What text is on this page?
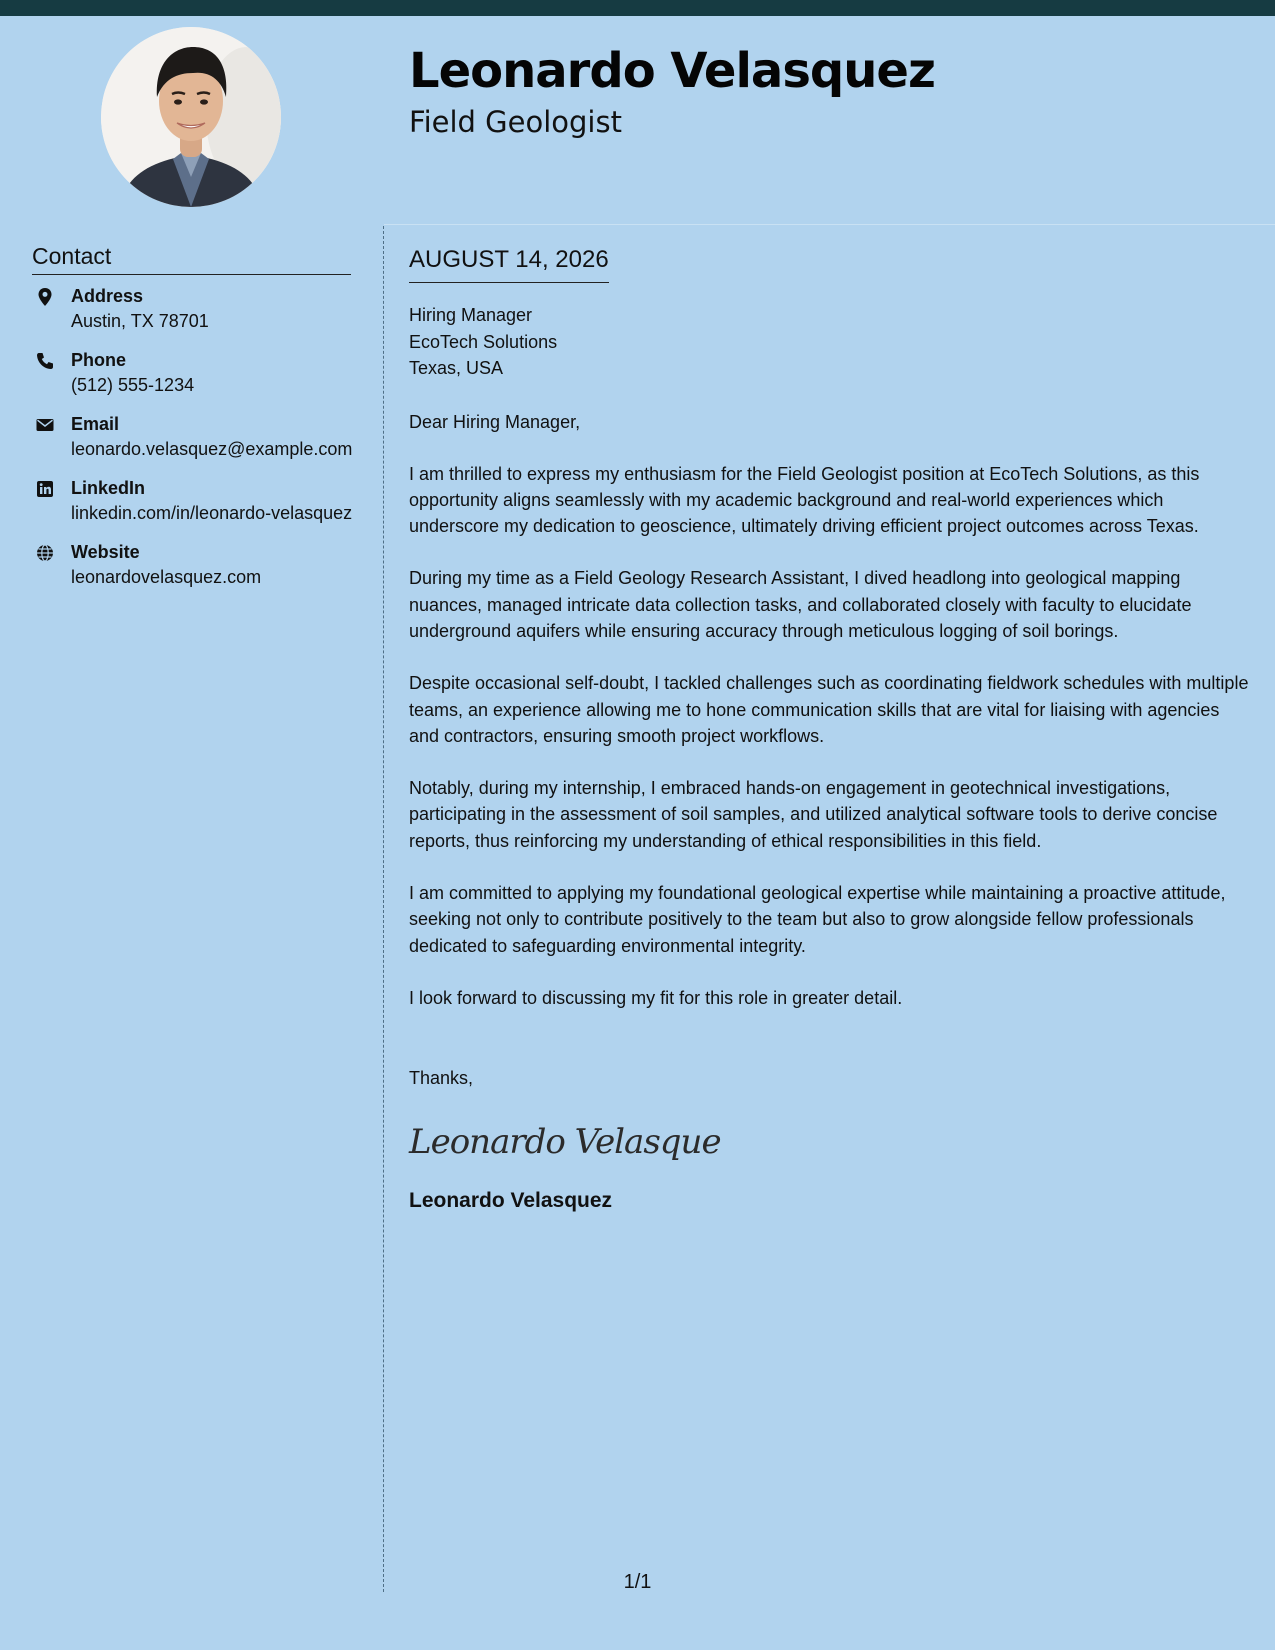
Leonardo Velasquez
Field Geologist
Contact
Address
Austin, TX 78701
Phone
(512) 555-1234
Email
leonardo.velasquez@example.com
LinkedIn
linkedin.com/in/leonardo-velasquez
Website
leonardovelasquez.com
AUGUST 14, 2026
Hiring Manager
EcoTech Solutions
Texas, USA
Dear Hiring Manager,
I am thrilled to express my enthusiasm for the Field Geologist position at EcoTech Solutions, as this opportunity aligns seamlessly with my academic background and real-world experiences which underscore my dedication to geoscience, ultimately driving efficient project outcomes across Texas.
During my time as a Field Geology Research Assistant, I dived headlong into geological mapping nuances, managed intricate data collection tasks, and collaborated closely with faculty to elucidate underground aquifers while ensuring accuracy through meticulous logging of soil borings.
Despite occasional self-doubt, I tackled challenges such as coordinating fieldwork schedules with multiple teams, an experience allowing me to hone communication skills that are vital for liaising with agencies and contractors, ensuring smooth project workflows.
Notably, during my internship, I embraced hands-on engagement in geotechnical investigations, participating in the assessment of soil samples, and utilized analytical software tools to derive concise reports, thus reinforcing my understanding of ethical responsibilities in this field.
I am committed to applying my foundational geological expertise while maintaining a proactive attitude, seeking not only to contribute positively to the team but also to grow alongside fellow professionals dedicated to safeguarding environmental integrity.
I look forward to discussing my fit for this role in greater detail.
Thanks,
Leonardo Velasque
Leonardo Velasquez
1/1
